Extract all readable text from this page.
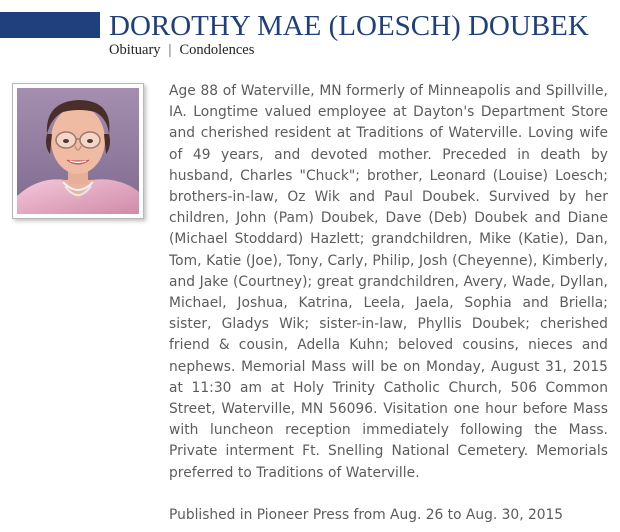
DOROTHY MAE (LOESCH) DOUBEK
Obituary | Condolences

Age 88 of Waterville, MN formerly of Minneapolis and Spillville, IA. Longtime valued employee at Dayton's Department Store and cherished resident at Traditions of Waterville. Loving wife of 49 years, and devoted mother. Preceded in death by husband, Charles "Chuck"; brother, Leonard (Louise) Loesch; brothers-in-law, Oz Wik and Paul Doubek. Survived by her children, John (Pam) Doubek, Dave (Deb) Doubek and Diane (Michael Stoddard) Hazlett; grandchildren, Mike (Katie), Dan, Tom, Katie (Joe), Tony, Carly, Philip, Josh (Cheyenne), Kimberly, and Jake (Courtney); great grandchildren, Avery, Wade, Dyllan, Michael, Joshua, Katrina, Leela, Jaela, Sophia and Briella; sister, Gladys Wik; sister-in-law, Phyllis Doubek; cherished friend & cousin, Adella Kuhn; beloved cousins, nieces and nephews. Memorial Mass will be on Monday, August 31, 2015 at 11:30 am at Holy Trinity Catholic Church, 506 Common Street, Waterville, MN 56096. Visitation one hour before Mass with luncheon reception immediately following the Mass. Private interment Ft. Snelling National Cemetery. Memorials preferred to Traditions of Waterville.

Published in Pioneer Press from Aug. 26 to Aug. 30, 2015
